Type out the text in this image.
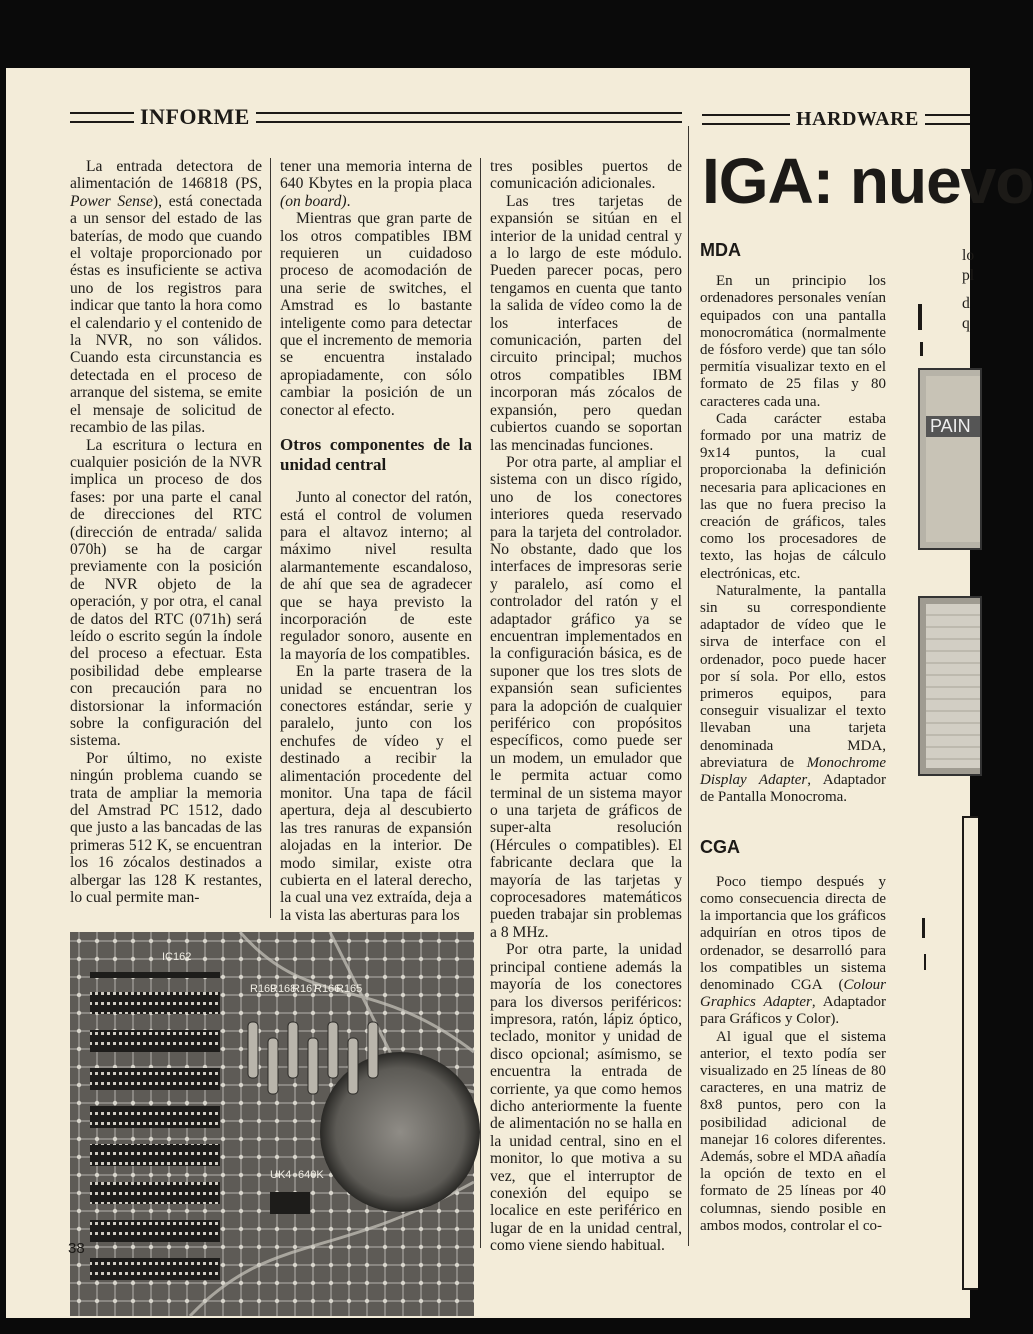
INFORME	HARDWARE

La entrada detectora de alimentación de 146818 (PS, Power Sense), está conectada a un sensor del estado de las baterías, de modo que cuando el voltaje proporcionado por éstas es insuficiente se activa uno de los registros para indicar que tanto la hora como el calendario y el contenido de la NVR, no son válidos. Cuando esta circunstancia es detectada en el proceso de arranque del sistema, se emite el mensaje de solicitud de recambio de las pilas.

La escritura o lectura en cualquier posición de la NVR implica un proceso de dos fases: por una parte el canal de direcciones del RTC (dirección de entrada/ salida 070h) se ha de cargar previamente con la posición de NVR objeto de la operación, y por otra, el canal de datos del RTC (071h) será leído o escrito según la índole del proceso a efectuar. Esta posibilidad debe emplearse con precaución para no distorsionar la información sobre la configuración del sistema.

Por último, no existe ningún problema cuando se trata de ampliar la memoria del Amstrad PC 1512, dado que justo a las bancadas de las primeras 512 K, se encuentran los 16 zócalos destinados a albergar las 128 K restantes, lo cual permite man-

tener una memoria interna de 640 Kbytes en la propia placa (on board).

Mientras que gran parte de los otros compatibles IBM requieren un cuidadoso proceso de acomodación de una serie de switches, el Amstrad es lo bastante inteligente como para detectar que el incremento de memoria se encuentra instalado apropiadamente, con sólo cambiar la posición de un conector al efecto.

Otros componentes de la unidad central

Junto al conector del ratón, está el control de volumen para el altavoz interno; al máximo nivel resulta alarmantemente escandaloso, de ahí que sea de agradecer que se haya previsto la incorporación de este regulador sonoro, ausente en la mayoría de los compatibles.

En la parte trasera de la unidad se encuentran los conectores estándar, serie y paralelo, junto con los enchufes de vídeo y el destinado a recibir la alimentación procedente del monitor. Una tapa de fácil apertura, deja al descubierto las tres ranuras de expansión alojadas en la interior. De modo similar, existe otra cubierta en el lateral derecho, la cual una vez extraída, deja a la vista las aberturas para los

tres posibles puertos de comunicación adicionales.

Las tres tarjetas de expansión se sitúan en el interior de la unidad central y a lo largo de este módulo. Pueden parecer pocas, pero tengamos en cuenta que tanto la salida de vídeo como la de los interfaces de comunicación, parten del circuito principal; muchos otros compatibles IBM incorporan más zócalos de expansión, pero quedan cubiertos cuando se soportan las mencinadas funciones.

Por otra parte, al ampliar el sistema con un disco rígido, uno de los conectores interiores queda reservado para la tarjeta del controlador. No obstante, dado que los interfaces de impresoras serie y paralelo, así como el controlador del ratón y el adaptador gráfico ya se encuentran implementados en la configuración básica, es de suponer que los tres slots de expansión sean suficientes para la adopción de cualquier periférico con propósitos específicos, como puede ser un modem, un emulador que le permita actuar como terminal de un sistema mayor o una tarjeta de gráficos de super-alta resolución (Hércules o compatibles). El fabricante declara que la mayoría de las tarjetas y coprocesadores matemáticos pueden trabajar sin problemas a 8 MHz.

Por otra parte, la unidad principal contiene además la mayoría de los conectores para los diversos periféricos: impresora, ratón, lápiz óptico, teclado, monitor y unidad de disco opcional; asímismo, se encuentra la entrada de corriente, ya que como hemos dicho anteriormente la fuente de alimentación no se halla en la unidad central, sino en el monitor, lo que motiva a su vez, que el interruptor de conexión del equipo se localice en este periférico en lugar de en la unidad central, como viene siendo habitual.

IGA: nuevo
MDA

En un principio los ordenadores personales venían equipados con una pantalla monocromática (normalmente de fósforo verde) que tan sólo permitía visualizar texto en el formato de 25 filas y 80 caracteres cada una.

Cada carácter estaba formado por una matriz de 9x14 puntos, la cual proporcionaba la definición necesaria para aplicaciones en las que no fuera preciso la creación de gráficos, tales como los procesadores de texto, las hojas de cálculo electrónicas, etc.

Naturalmente, la pantalla sin su correspondiente adaptador de vídeo que le sirva de interface con el ordenador, poco puede hacer por sí sola. Por ello, estos primeros equipos, para conseguir visualizar el texto llevaban una tarjeta denominada MDA, abreviatura de Monochrome Display Adapter, Adaptador de Pantalla Monocroma.

CGA

Poco tiempo después y como consecuencia directa de la importancia que los gráficos adquirían en otros tipos de ordenador, se desarrolló para los compatibles un sistema denominado CGA (Colour Graphics Adapter, Adaptador para Gráficos y Color).

Al igual que el sistema anterior, el texto podía ser visualizado en 25 líneas de 80 caracteres, en una matriz de 8x8 puntos, pero con la posibilidad adicional de manejar 16 colores diferentes. Además, sobre el MDA añadía la opción de texto en el formato de 25 líneas por 40 columnas, siendo posible en ambos modos, controlar el co-

lo
pl
d
q
PAIN
R169R168R167R166R165IC162UK4 640K
38
